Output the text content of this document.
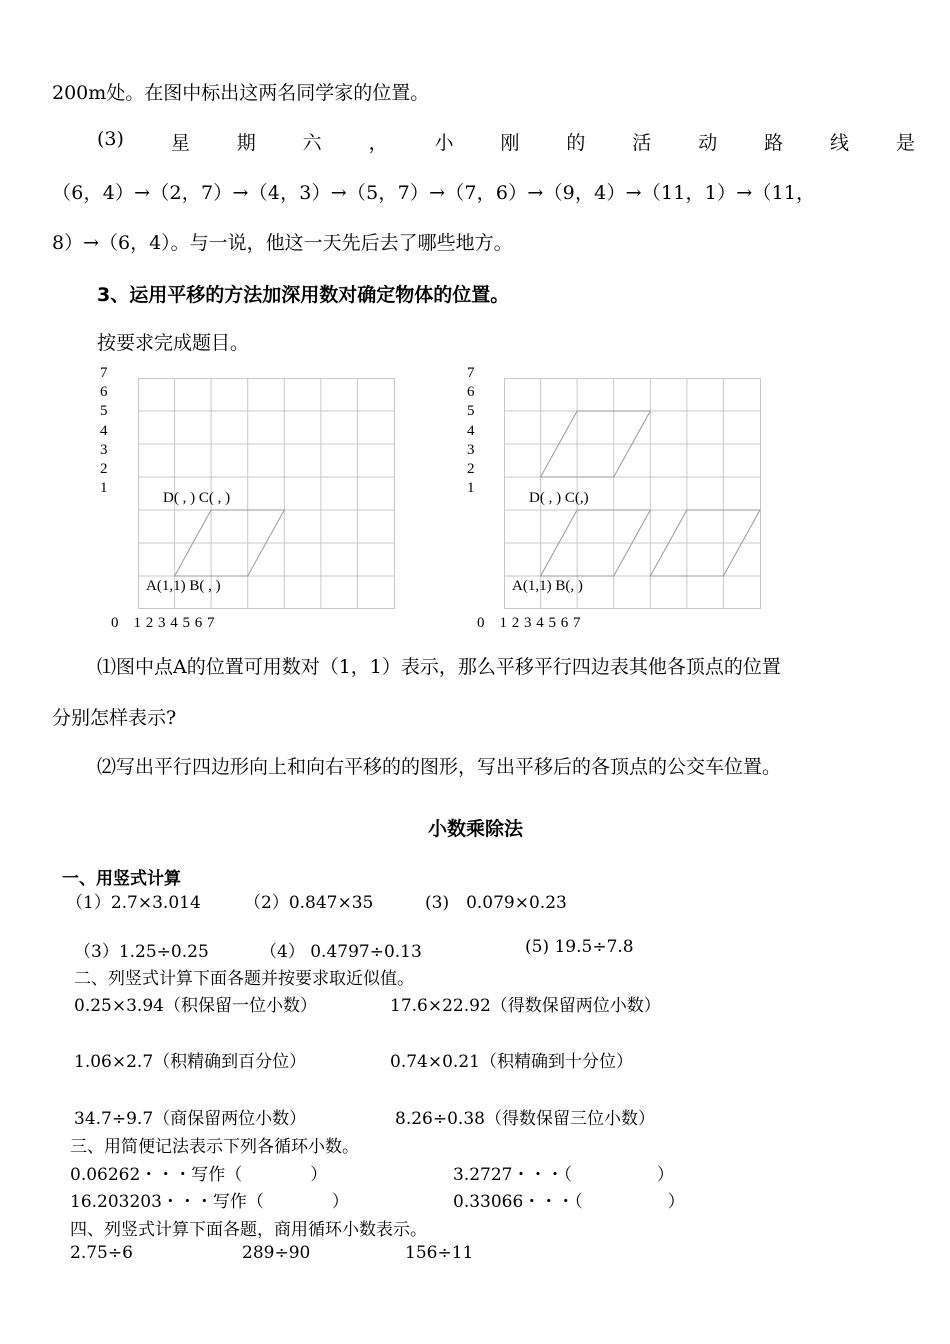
200m处。在图中标出这两名同学家的位置。
(3) 星 期 六 ， 小 刚 的 活 动 路 线 是
（6，4）→（2，7）→（4，3）→（5，7）→（7，6）→（9，4）→（11，1）→（11，
8）→（6，4）。与一说，他这一天先后去了哪些地方。
3、运用平移的方法加深用数对确定物体的位置。
按要求完成题目。
7
6
5
4
3
2
1
D( , ) C( , )
A(1,1) B( , )
0　1 2 3 4 5 6 7
7
6
5
4
3
2
1
D( , ) C(,)
A(1,1) B(, )
0　1 2 3 4 5 6 7
⑴图中点A的位置可用数对（1，1）表示，那么平移平行四边表其他各顶点的位置
分别怎样表示?
⑵写出平行四边形向上和向右平移的的图形，写出平移后的各顶点的公交车位置。
小数乘除法
一、用竖式计算
（1）2.7×3.014	（2）0.847×35	(3)　0.079×0.23
（3）1.25÷0.25	（4） 0.4797÷0.13	(5) 19.5÷7.8
二、列竖式计算下面各题并按要求取近似值。
0.25×3.94（积保留一位小数）	17.6×22.92（得数保留两位小数）
1.06×2.7（积精确到百分位）	0.74×0.21（积精确到十分位）
34.7÷9.7（商保留两位小数）	8.26÷0.38（得数保留三位小数）
三、用简便记法表示下列各循环小数。
0.06262・・・写作（　　　　）	3.2727・・・（　　　　　）
16.203203・・・写作（　　　　）	0.33066・・・（　　　　　）
四、列竖式计算下面各题，商用循环小数表示。
2.75÷6	289÷90	156÷11
